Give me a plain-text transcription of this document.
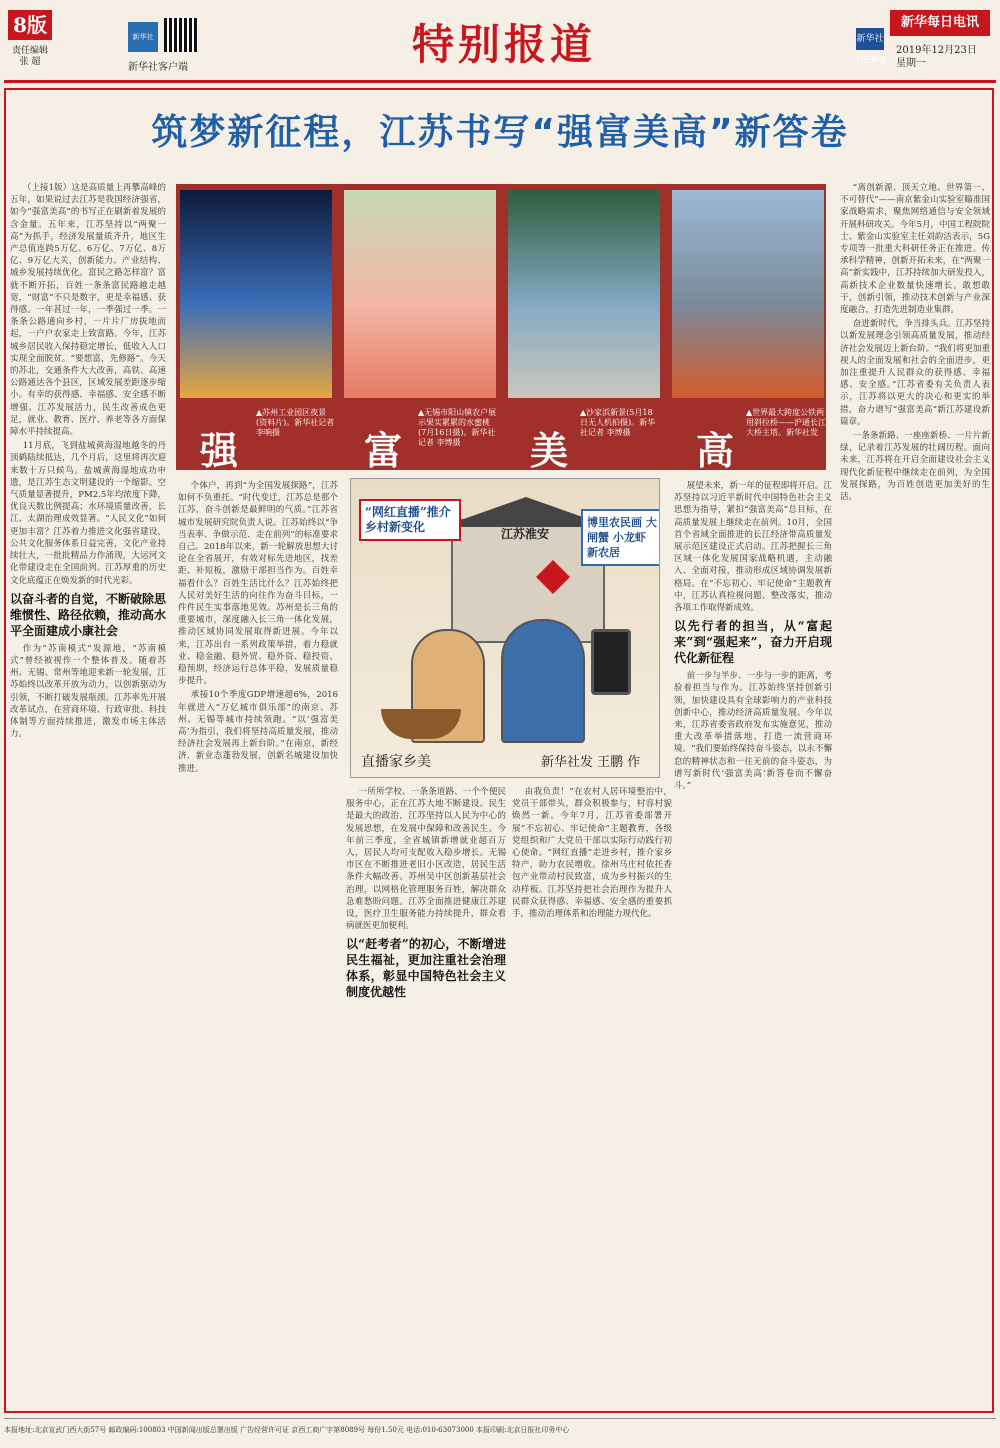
8版
责任编辑 张 超
新华社
新华社客户端	特别报道	新华社NEWS
新华每日电讯
2019年12月23日
星期一
筑梦新征程，江苏书写“强富美高”新答卷
强
▲苏州工业园区夜景(资料片)。新华社记者 李响摄	富
▲无锡市阳山镇农户展示果实累累的水蜜桃(7月16日摄)。新华社记者 李博摄	美
▲沙家浜新景(5月18日无人机拍摄)。新华社记者 李博摄	高
▲世界最大跨度公铁两用斜拉桥——沪通长江大桥主塔。新华社发
“网红直播”推介乡村新变化	江苏淮安
博里农民画 大闸蟹 小龙虾 新农居
直播家乡美	新华社发 王鹏 作

（上接1版）这是高质量上再攀高峰的五年，如果说过去江苏是我国经济强省，如今“强富美高”的书写正在刷新着发展的含金量。五年来，江苏坚持以“两聚一高”为抓手，经济发展量质齐升，地区生产总值连跨5万亿、6万亿、7万亿、8万亿、9万亿大关，创新能力、产业结构、城乡发展持续优化。富民之路怎样富？富就不断开拓，百姓一条条富民路越走越宽，“财富”不只是数字，更是幸福感、获得感。一年甚过一年，一季强过一季。一条条公路通向乡村，一片片厂房拔地而起，一户户农家走上致富路。今年，江苏城乡居民收入保持稳定增长，低收入人口实现全面脱贫。“要想富，先修路”。今天的苏北，交通条件大大改善，高铁、高速公路通达各个县区，区域发展差距逐步缩小。有幸的获得感、幸福感、安全感不断增强。江苏发展活力，民生改善成色更足，就业、教育、医疗、养老等各方面保障水平持续提高。

11月底，飞到盐城黄海湿地越冬的丹顶鹤陆续抵达，几个月后，这里将再次迎来数十万只候鸟。盐城黄海湿地成功申遗，是江苏生态文明建设的一个缩影。空气质量显著提升，PM2.5年均浓度下降，优良天数比例提高；水环境质量改善，长江、太湖治理成效显著。“人民文化”如何更加丰富？江苏着力推进文化强省建设，公共文化服务体系日益完善，文化产业持续壮大，一批批精品力作涌现，大运河文化带建设走在全国前列。江苏厚重的历史文化底蕴正在焕发新的时代光彩。

以奋斗者的自觉，不断破除思维惯性、路径依赖，推动高水平全面建成小康社会

作为“苏南模式”发源地，“苏南模式”曾经被视作一个整体普及。随着苏州、无锡、常州等地迎来新一轮发展，江苏始终以改革开放为动力，以创新驱动为引领，不断打破发展瓶颈。江苏率先开展改革试点，在营商环境、行政审批、科技体制等方面持续推进，激发市场主体活力。

个体户，再到“为全国发展探路”，江苏如何不负重托。“时代变迁，江苏总是那个江苏，奋斗创新是最鲜明的气质。”江苏省城市发展研究院负责人说。江苏始终以“争当表率、争做示范、走在前列”的标准要求自己。2018年以来，新一轮解放思想大讨论在全省展开，有效对标先进地区，找差距、补短板，激励干部担当作为。百姓幸福看什么？百姓生活比什么？江苏始终把人民对美好生活的向往作为奋斗目标，一件件民生实事落地见效。苏州是长三角的重要城市，深度融入长三角一体化发展，推动区域协同发展取得新进展。今年以来，江苏出台一系列政策举措，着力稳就业、稳金融、稳外贸、稳外资、稳投资、稳预期，经济运行总体平稳，发展质量稳步提升。

承接10个季度GDP增速超6%，2016年就进入“万亿城市俱乐部”的南京、苏州、无锡等城市持续领跑。“以‘强富美高’为指引，我们将坚持高质量发展，推动经济社会发展再上新台阶。”在南京，新经济、新业态蓬勃发展，创新名城建设加快推进。

一所所学校、一条条道路、一个个便民服务中心，正在江苏大地不断建设。民生是最大的政治，江苏坚持以人民为中心的发展思想，在发展中保障和改善民生。今年前三季度，全省城镇新增就业超百万人，居民人均可支配收入稳步增长。无锡市区在不断推进老旧小区改造，居民生活条件大幅改善。苏州吴中区创新基层社会治理，以网格化管理服务百姓，解决群众急难愁盼问题。江苏全面推进健康江苏建设，医疗卫生服务能力持续提升，群众看病就医更加便利。

以“赶考者”的初心，不断增进民生福祉，更加注重社会治理体系，彰显中国特色社会主义制度优越性

由我负责！”在农村人居环境整治中，党员干部带头，群众积极参与，村容村貌焕然一新。今年7月，江苏省委部署开展“不忘初心、牢记使命”主题教育，各级党组织和广大党员干部以实际行动践行初心使命。“网红直播”走进乡村，推介家乡特产，助力农民增收。徐州马庄村依托香包产业带动村民致富，成为乡村振兴的生动样板。江苏坚持把社会治理作为提升人民群众获得感、幸福感、安全感的重要抓手，推动治理体系和治理能力现代化。

展望未来，新一年的征程即将开启。江苏坚持以习近平新时代中国特色社会主义思想为指导，紧扣“强富美高”总目标，在高质量发展上继续走在前列。10月，全国首个省域全面推进的长江经济带高质量发展示范区建设正式启动。江苏把握长三角区域一体化发展国家战略机遇，主动融入、全面对接，推动形成区域协调发展新格局。在“不忘初心、牢记使命”主题教育中，江苏认真检视问题、整改落实，推动各项工作取得新成效。

以先行者的担当，从“富起来”到“强起来”，奋力开启现代化新征程

前一步与半步、一步与一步的距离，考验着担当与作为。江苏始终坚持创新引领，加快建设具有全球影响力的产业科技创新中心，推动经济高质量发展。今年以来，江苏省委省政府发布实施意见，推动重大改革举措落地，打造一流营商环境。“我们要始终保持奋斗姿态，以永不懈怠的精神状态和一往无前的奋斗姿态，为谱写新时代‘强富美高’新答卷而不懈奋斗。”

“离创新源、顶天立地、世界第一、不可替代”——南京紫金山实验室瞄准国家战略需求，聚焦网络通信与安全领域开展科研攻关。今年5月，中国工程院院士、紫金山实验室主任刘韵洁表示，5G专项等一批重大科研任务正在推进。传承科学精神，创新开拓未来，在“两聚一高”新实践中，江苏持续加大研发投入，高新技术企业数量快速增长。敢想敢干，创新引领，推动技术创新与产业深度融合，打造先进制造业集群。

奋进新时代，争当排头兵。江苏坚持以新发展理念引领高质量发展，推动经济社会发展迈上新台阶。“我们将更加重视人的全面发展和社会的全面进步，更加注重提升人民群众的获得感、幸福感、安全感。”江苏省委有关负责人表示，江苏将以更大的决心和更实的举措，奋力谱写“强富美高”新江苏建设新篇章。

一条条新路、一座座新桥、一片片新绿，记录着江苏发展的壮阔历程。面向未来，江苏将在开启全面建设社会主义现代化新征程中继续走在前列，为全国发展探路，为百姓创造更加美好的生活。

本报地址:北京宣武门西大街57号 邮政编码:100803 中国新闻出版总署出版 广告经营许可证 京西工商广字第8089号 每份1.50元 电话:010-63073000 本报印刷:北京日报社印务中心
